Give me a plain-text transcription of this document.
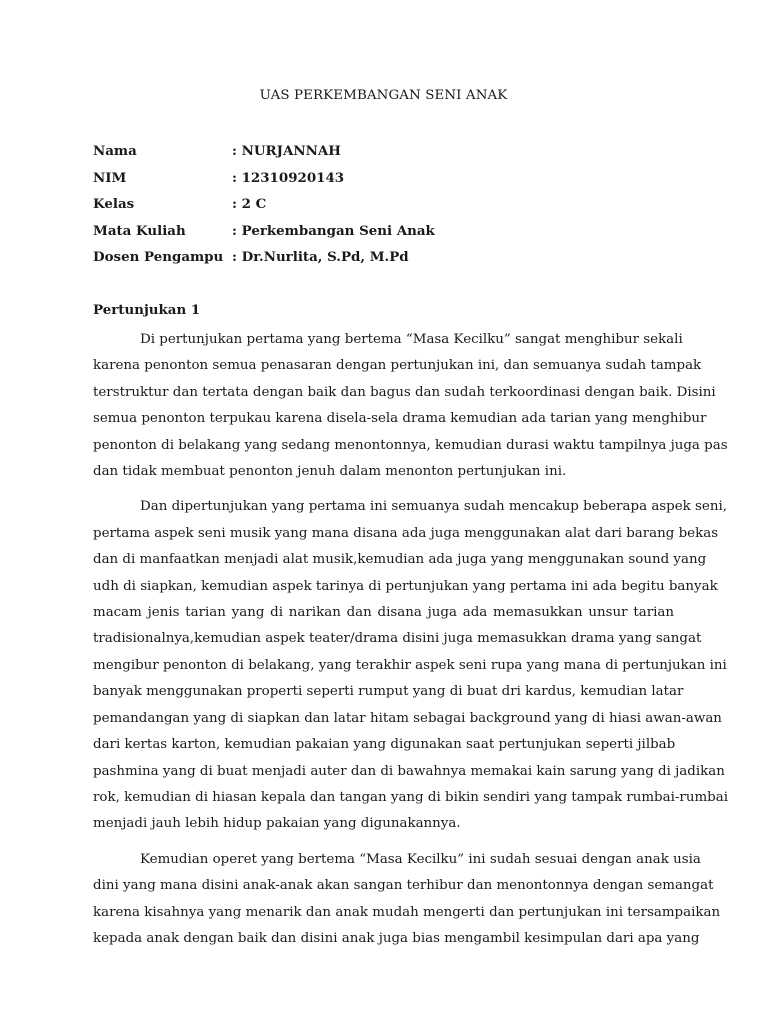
UAS PERKEMBANGAN SENI ANAK
Nama	: NURJANNAH
NIM	: 12310920143
Kelas	: 2 C
Mata Kuliah	: Perkembangan Seni Anak
Dosen Pengampu : Dr.Nurlita, S.Pd, M.Pd
Pertunjukan 1

Di pertunjukan pertama yang bertema “Masa Kecilku” sangat menghibur sekali
karena penonton semua penasaran dengan pertunjukan ini, dan semuanya sudah tampak
terstruktur dan tertata dengan baik dan bagus dan sudah terkoordinasi dengan baik. Disini
semua penonton terpukau karena disela-sela drama kemudian ada tarian yang menghibur
penonton di belakang yang sedang menontonnya, kemudian durasi waktu tampilnya juga pas
dan tidak membuat penonton jenuh dalam menonton pertunjukan ini.

Dan dipertunjukan yang pertama ini semuanya sudah mencakup beberapa aspek seni,
pertama aspek seni musik yang mana disana ada juga menggunakan alat dari barang bekas
dan di manfaatkan menjadi alat musik,kemudian ada juga yang menggunakan sound yang
udh di siapkan, kemudian aspek tarinya di pertunjukan yang pertama ini ada begitu banyak
macam jenis tarian yang di narikan dan disana juga ada memasukkan unsur tarian
tradisionalnya,kemudian aspek teater/drama disini juga memasukkan drama yang sangat
mengibur penonton di belakang, yang terakhir aspek seni rupa yang mana di pertunjukan ini
banyak menggunakan properti seperti rumput yang di buat dri kardus, kemudian latar
pemandangan yang di siapkan dan latar hitam sebagai background yang di hiasi awan-awan
dari kertas karton, kemudian pakaian yang digunakan saat pertunjukan seperti jilbab
pashmina yang di buat menjadi auter dan di bawahnya memakai kain sarung yang di jadikan
rok, kemudian di hiasan kepala dan tangan yang di bikin sendiri yang tampak rumbai-rumbai
menjadi jauh lebih hidup pakaian yang digunakannya.

Kemudian operet yang bertema “Masa Kecilku” ini sudah sesuai dengan anak usia
dini yang mana disini anak-anak akan sangan terhibur dan menontonnya dengan semangat
karena kisahnya yang menarik dan anak mudah mengerti dan pertunjukan ini tersampaikan
kepada anak dengan baik dan disini anak juga bias mengambil kesimpulan dari apa yang
